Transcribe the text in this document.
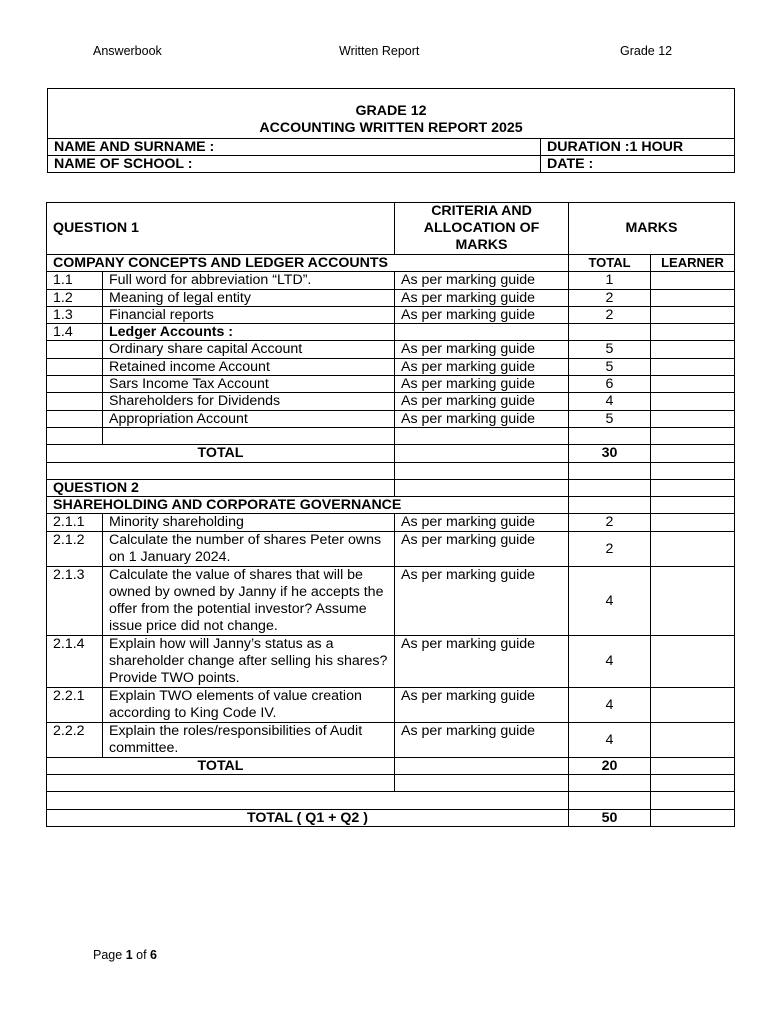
Answerbook	Written Report	Grade 12
GRADE 12
ACCOUNTING WRITTEN REPORT 2025	

NAME AND SURNAME :	DURATION :1 HOUR
NAME OF SCHOOL :	DATE :
QUESTION 1		CRITERIA AND ALLOCATION OF MARKS	MARKS	
COMPANY CONCEPTS AND LEDGER ACCOUNTS			TOTAL	LEARNER
1.1	Full word for abbreviation “LTD”.	As per marking guide	1	
1.2	Meaning of legal entity	As per marking guide	2	
1.3	Financial reports	As per marking guide	2	
1.4	Ledger Accounts :			
	Ordinary share capital Account	As per marking guide	5	
	Retained income Account	As per marking guide	5	
	Sars Income Tax Account	As per marking guide	6	
	Shareholders for Dividends	As per marking guide	4	
	Appropriation Account	As per marking guide	5	

TOTAL			30	

QUESTION 2				
SHAREHOLDING AND CORPORATE GOVERNANCE				
2.1.1	Minority shareholding	As per marking guide	2	
2.1.2	Calculate the number of shares Peter owns on 1 January 2024.	As per marking guide	2	
2.1.3	Calculate the value of shares that will be owned by owned by Janny if he accepts the offer from the potential investor? Assume issue price did not change.	As per marking guide	4	
2.1.4	Explain how will Janny’s status as a shareholder change after selling his shares? Provide TWO points.	As per marking guide	4	
2.2.1	Explain TWO elements of value creation according to King Code IV.	As per marking guide	4	
2.2.2	Explain the roles/responsibilities of Audit committee.	As per marking guide	4	
TOTAL			20	

TOTAL ( Q1 + Q2 )			50	
Page 1 of 6
